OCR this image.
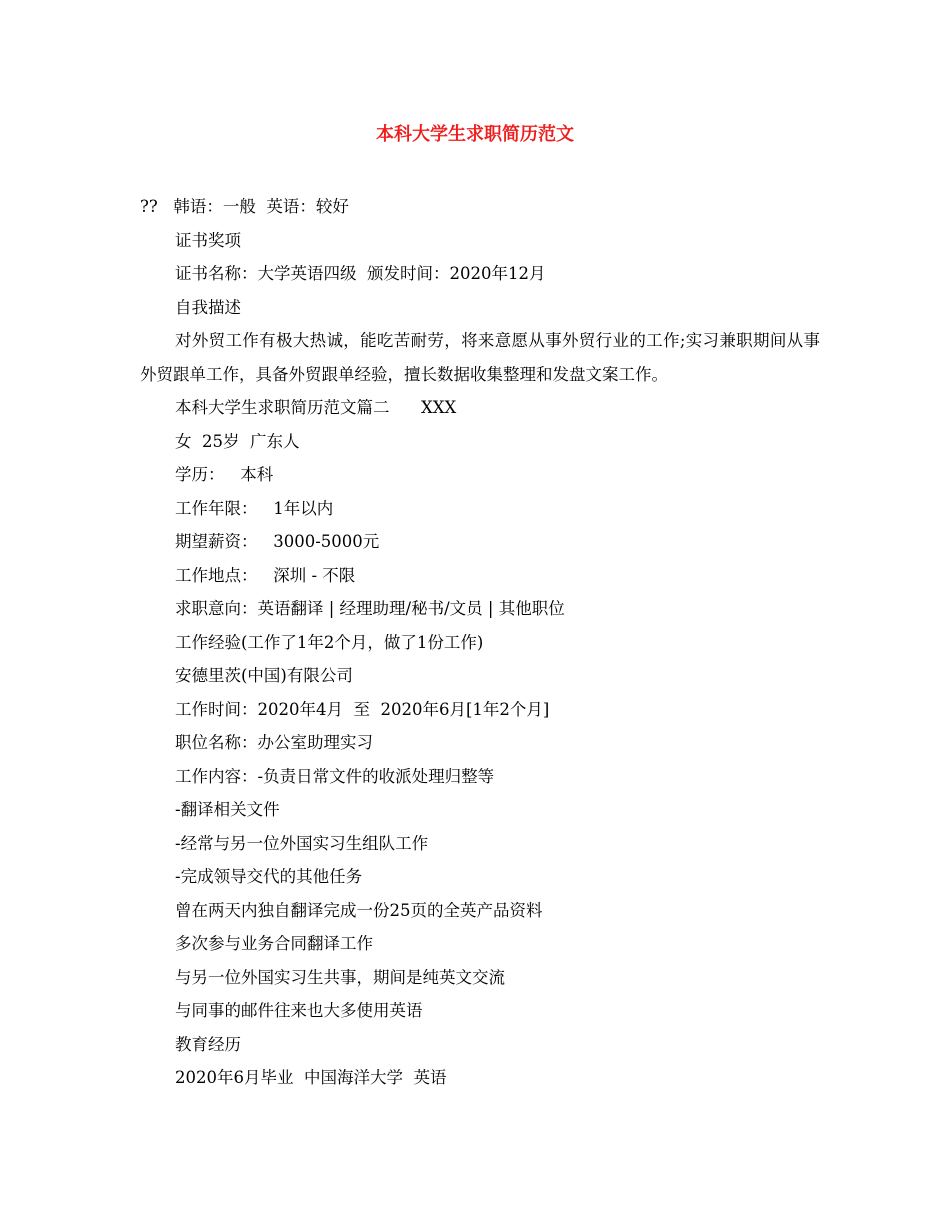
本科大学生求职简历范文
??   韩语：一般  英语：较好
证书奖项
证书名称：大学英语四级  颁发时间：2020年12月
自我描述
对外贸工作有极大热诚，能吃苦耐劳，将来意愿从事外贸行业的工作;实习兼职期间从事外贸跟单工作，具备外贸跟单经验，擅长数据收集整理和发盘文案工作。
本科大学生求职简历范文篇二      XXX
女  25岁  广东人
学历：   本科
工作年限：   1年以内
期望薪资：   3000-5000元
工作地点：   深圳 - 不限
求职意向：英语翻译 | 经理助理/秘书/文员 | 其他职位
工作经验(工作了1年2个月，做了1份工作)
安德里茨(中国)有限公司
工作时间：2020年4月  至  2020年6月[1年2个月]
职位名称：办公室助理实习
工作内容：-负责日常文件的收派处理归整等
-翻译相关文件
-经常与另一位外国实习生组队工作
-完成领导交代的其他任务
曾在两天内独自翻译完成一份25页的全英产品资料
多次参与业务合同翻译工作
与另一位外国实习生共事，期间是纯英文交流
与同事的邮件往来也大多使用英语
教育经历
2020年6月毕业  中国海洋大学  英语
